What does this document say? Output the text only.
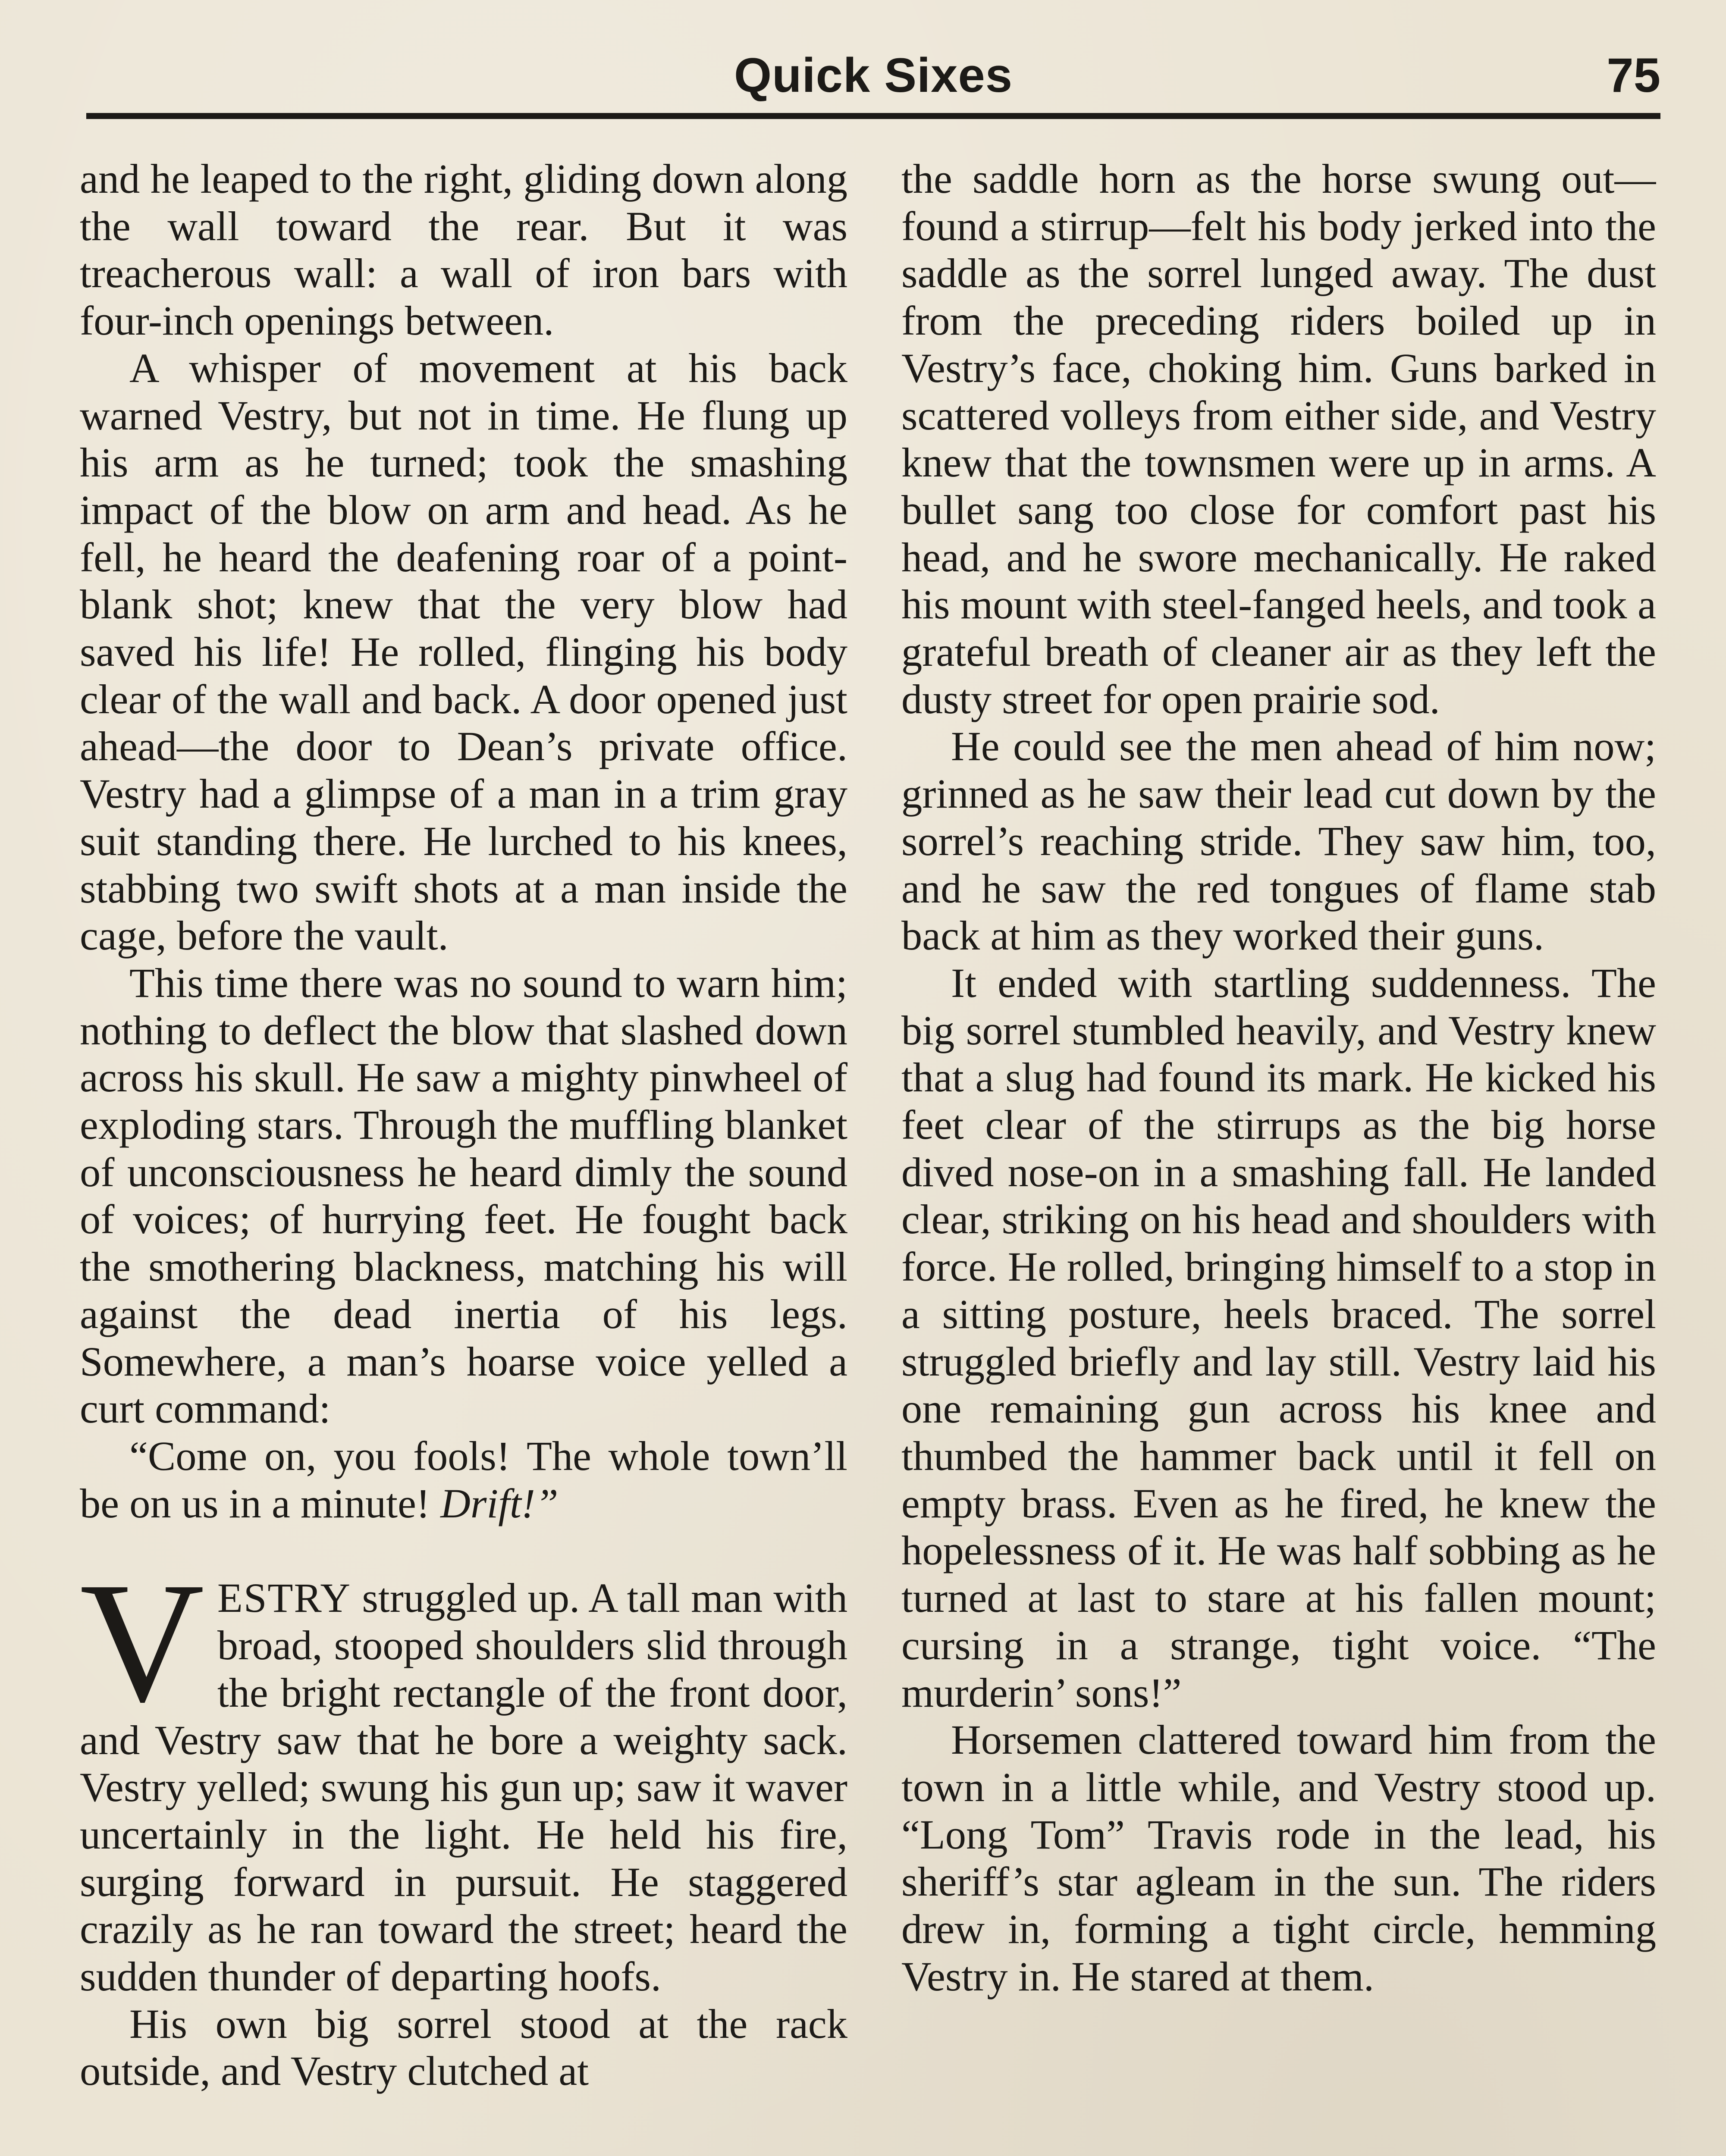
Quick Sixes	75

and he leaped to the right, gliding down along the wall toward the rear. But it was treacherous wall: a wall of iron bars with four-inch openings between.

A whisper of movement at his back warned Vestry, but not in time. He flung up his arm as he turned; took the smashing impact of the blow on arm and head. As he fell, he heard the deafening roar of a point-blank shot; knew that the very blow had saved his life! He rolled, flinging his body clear of the wall and back. A door opened just ahead—the door to Dean’s private office. Vestry had a glimpse of a man in a trim gray suit standing there. He lurched to his knees, stabbing two swift shots at a man inside the cage, before the vault.

This time there was no sound to warn him; nothing to deflect the blow that slashed down across his skull. He saw a mighty pinwheel of exploding stars. Through the muffling blanket of unconsciousness he heard dimly the sound of voices; of hurrying feet. He fought back the smothering blackness, matching his will against the dead inertia of his legs. Somewhere, a man’s hoarse voice yelled a curt command:

“Come on, you fools! The whole town’ll be on us in a minute! Drift!”

VESTRY struggled up. A tall man with broad, stooped shoulders slid through the bright rectangle of the front door, and Vestry saw that he bore a weighty sack. Vestry yelled; swung his gun up; saw it waver uncertainly in the light. He held his fire, surging forward in pursuit. He staggered crazily as he ran toward the street; heard the sudden thunder of departing hoofs.

His own big sorrel stood at the rack outside, and Vestry clutched at

the saddle horn as the horse swung out—found a stirrup—felt his body jerked into the saddle as the sorrel lunged away. The dust from the preceding riders boiled up in Vestry’s face, choking him. Guns barked in scattered volleys from either side, and Vestry knew that the townsmen were up in arms. A bullet sang too close for comfort past his head, and he swore mechanically. He raked his mount with steel-fanged heels, and took a grateful breath of cleaner air as they left the dusty street for open prairie sod.

He could see the men ahead of him now; grinned as he saw their lead cut down by the sorrel’s reaching stride. They saw him, too, and he saw the red tongues of flame stab back at him as they worked their guns.

It ended with startling suddenness. The big sorrel stumbled heavily, and Vestry knew that a slug had found its mark. He kicked his feet clear of the stirrups as the big horse dived nose-on in a smashing fall. He landed clear, striking on his head and shoulders with force. He rolled, bringing himself to a stop in a sitting posture, heels braced. The sorrel struggled briefly and lay still. Vestry laid his one remaining gun across his knee and thumbed the hammer back until it fell on empty brass. Even as he fired, he knew the hopelessness of it. He was half sobbing as he turned at last to stare at his fallen mount; cursing in a strange, tight voice. “The murderin’ sons!”

Horsemen clattered toward him from the town in a little while, and Vestry stood up. “Long Tom” Travis rode in the lead, his sheriff’s star agleam in the sun. The riders drew in, forming a tight circle, hemming Vestry in. He stared at them.
